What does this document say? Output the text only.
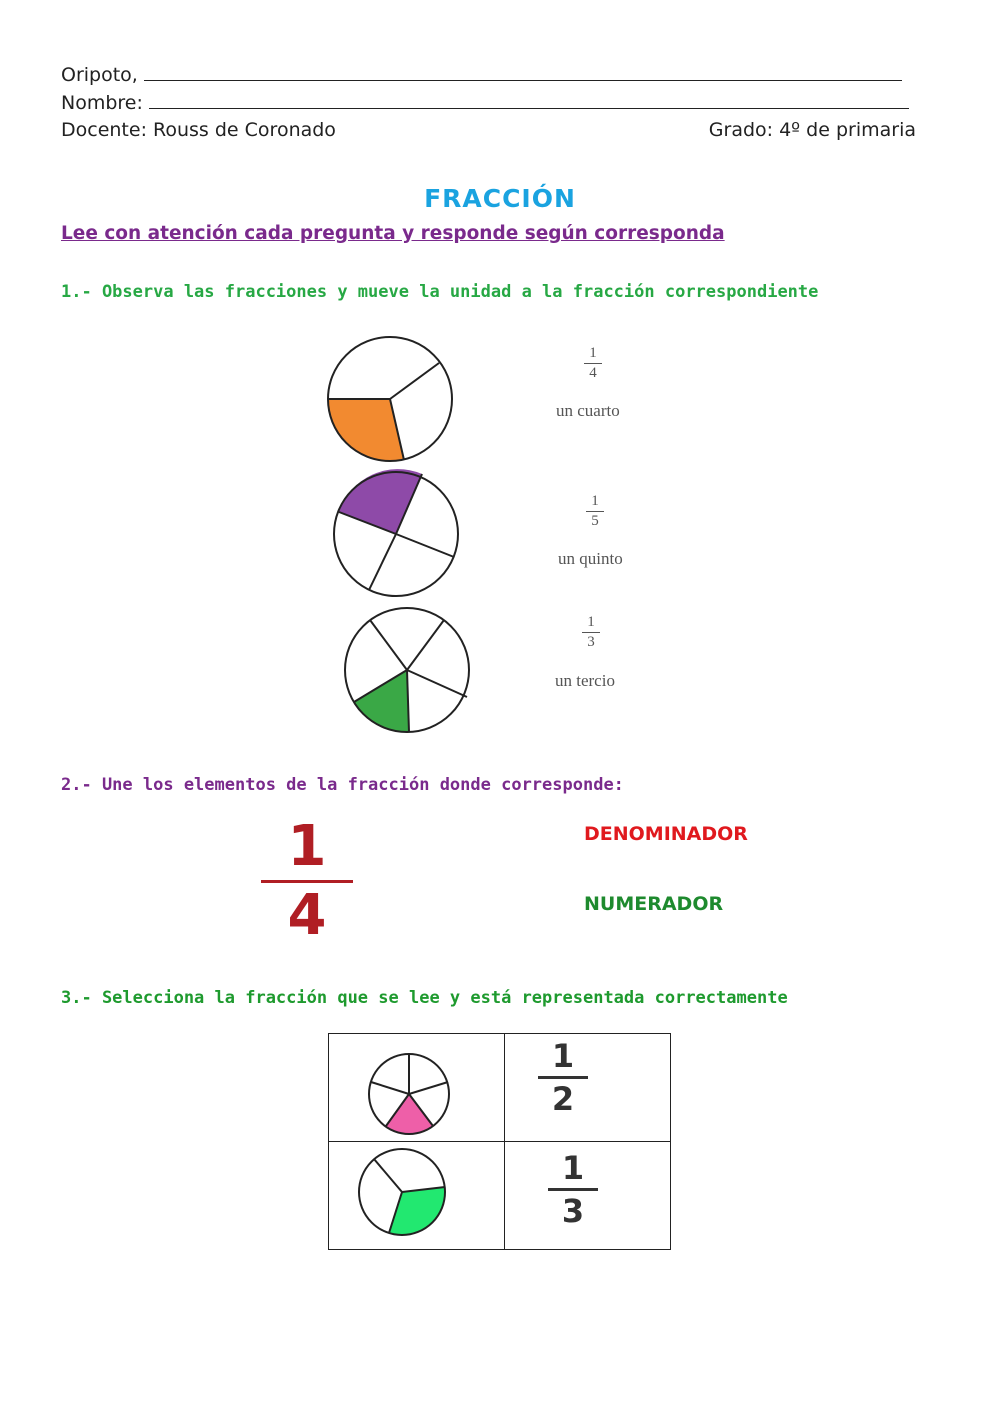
Oripoto,
Nombre:
Docente: Rouss de Coronado	Grado: 4º de primaria
FRACCIÓN
Lee con atención cada pregunta y responde según corresponda
1.- Observa las fracciones y mueve la unidad a la fracción correspondiente
1
4
un cuarto
1
5
un quinto
1
3
un tercio
2.- Une los elementos de la fracción donde corresponde:
1
4
DENOMINADOR
NUMERADOR
3.- Selecciona la fracción que se lee y está representada correctamente

1
2

1
3
